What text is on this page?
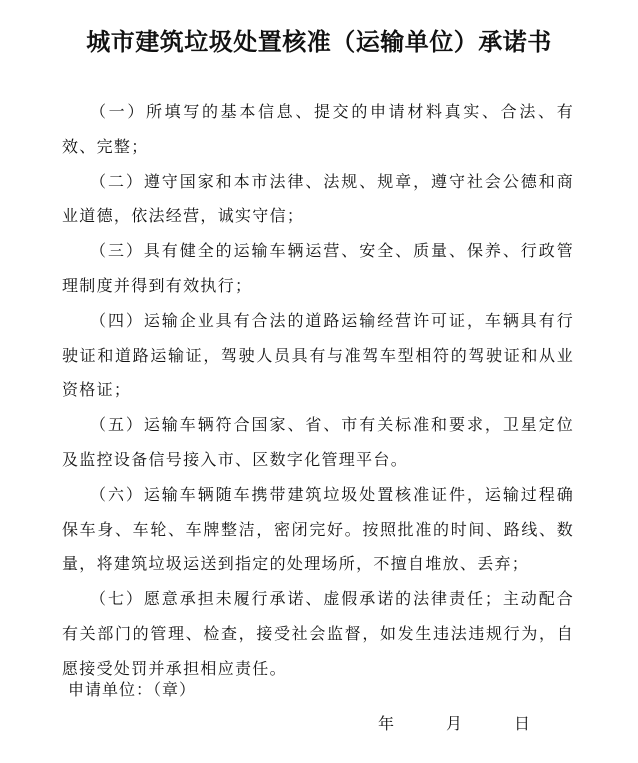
城市建筑垃圾处置核准（运输单位）承诺书

（一）所填写的基本信息、提交的申请材料真实、合法、有效、完整；

（二）遵守国家和本市法律、法规、规章，遵守社会公德和商业道德，依法经营，诚实守信；

（三）具有健全的运输车辆运营、安全、质量、保养、行政管理制度并得到有效执行；

（四）运输企业具有合法的道路运输经营许可证，车辆具有行驶证和道路运输证，驾驶人员具有与准驾车型相符的驾驶证和从业资格证；

（五）运输车辆符合国家、省、市有关标准和要求，卫星定位及监控设备信号接入市、区数字化管理平台。

（六）运输车辆随车携带建筑垃圾处置核准证件，运输过程确保车身、车轮、车牌整洁，密闭完好。按照批准的时间、路线、数量，将建筑垃圾运送到指定的处理场所，不擅自堆放、丢弃；

（七）愿意承担未履行承诺、虚假承诺的法律责任；主动配合有关部门的管理、检查，接受社会监督，如发生违法违规行为，自愿接受处罚并承担相应责任。

申请单位：（章）
年	月	日
